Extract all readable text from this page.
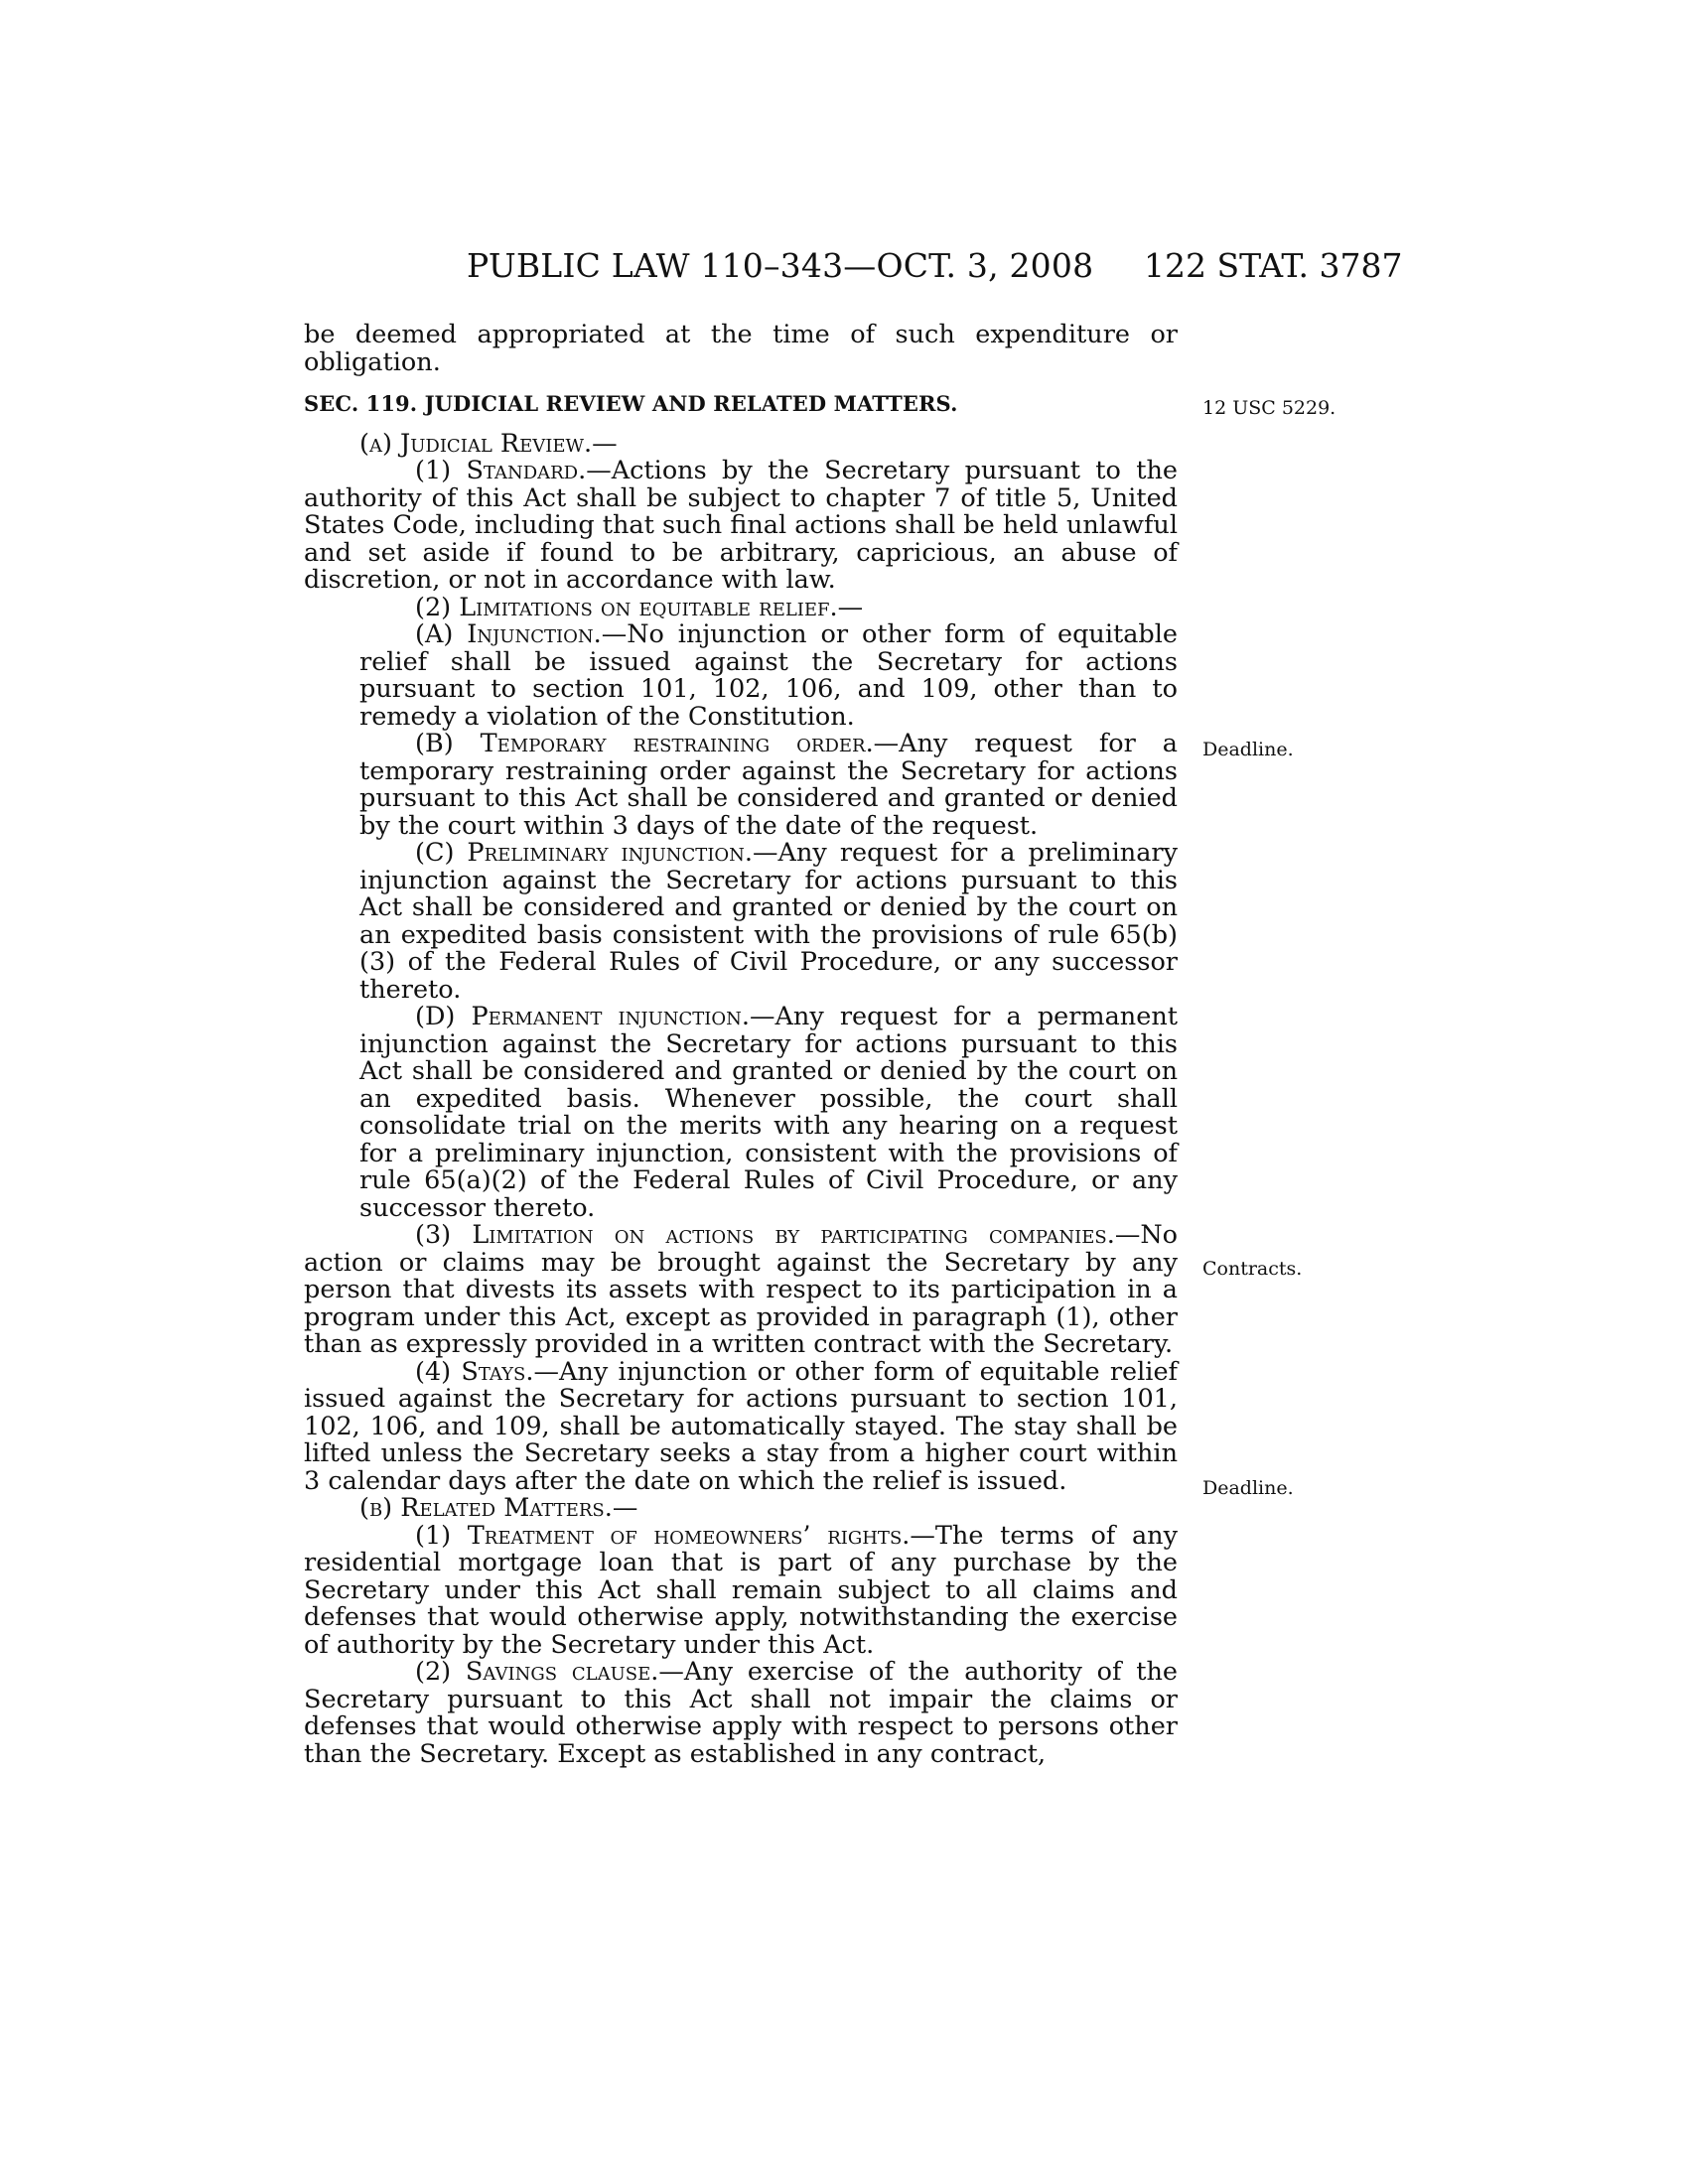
PUBLIC LAW 110–343—OCT. 3, 2008 122 STAT. 3787
12 USC 5229.
Deadline.
Contracts.
Deadline.

be deemed appropriated at the time of such expenditure or obligation.

SEC. 119. JUDICIAL REVIEW AND RELATED MATTERS.

(a) Judicial Review.—

(1) Standard.—Actions by the Secretary pursuant to the authority of this Act shall be subject to chapter 7 of title 5, United States Code, including that such final actions shall be held unlawful and set aside if found to be arbitrary, capricious, an abuse of discretion, or not in accordance with law.

(2) Limitations on equitable relief.—

(A) Injunction.—No injunction or other form of equitable relief shall be issued against the Secretary for actions pursuant to section 101, 102, 106, and 109, other than to remedy a violation of the Constitution.

(B) Temporary restraining order.—Any request for a temporary restraining order against the Secretary for actions pursuant to this Act shall be considered and granted or denied by the court within 3 days of the date of the request.

(C) Preliminary injunction.—Any request for a preliminary injunction against the Secretary for actions pursuant to this Act shall be considered and granted or denied by the court on an expedited basis consistent with the provisions of rule 65(b)(3) of the Federal Rules of Civil Procedure, or any successor thereto.

(D) Permanent injunction.—Any request for a permanent injunction against the Secretary for actions pursuant to this Act shall be considered and granted or denied by the court on an expedited basis. Whenever possible, the court shall consolidate trial on the merits with any hearing on a request for a preliminary injunction, consistent with the provisions of rule 65(a)(2) of the Federal Rules of Civil Procedure, or any successor thereto.

(3) Limitation on actions by participating companies.—No action or claims may be brought against the Secretary by any person that divests its assets with respect to its participation in a program under this Act, except as provided in paragraph (1), other than as expressly provided in a written contract with the Secretary.

(4) Stays.—Any injunction or other form of equitable relief issued against the Secretary for actions pursuant to section 101, 102, 106, and 109, shall be automatically stayed. The stay shall be lifted unless the Secretary seeks a stay from a higher court within 3 calendar days after the date on which the relief is issued.

(b) Related Matters.—

(1) Treatment of homeowners’ rights.—The terms of any residential mortgage loan that is part of any purchase by the Secretary under this Act shall remain subject to all claims and defenses that would otherwise apply, notwithstanding the exercise of authority by the Secretary under this Act.

(2) Savings clause.—Any exercise of the authority of the Secretary pursuant to this Act shall not impair the claims or defenses that would otherwise apply with respect to persons other than the Secretary. Except as established in any contract,
